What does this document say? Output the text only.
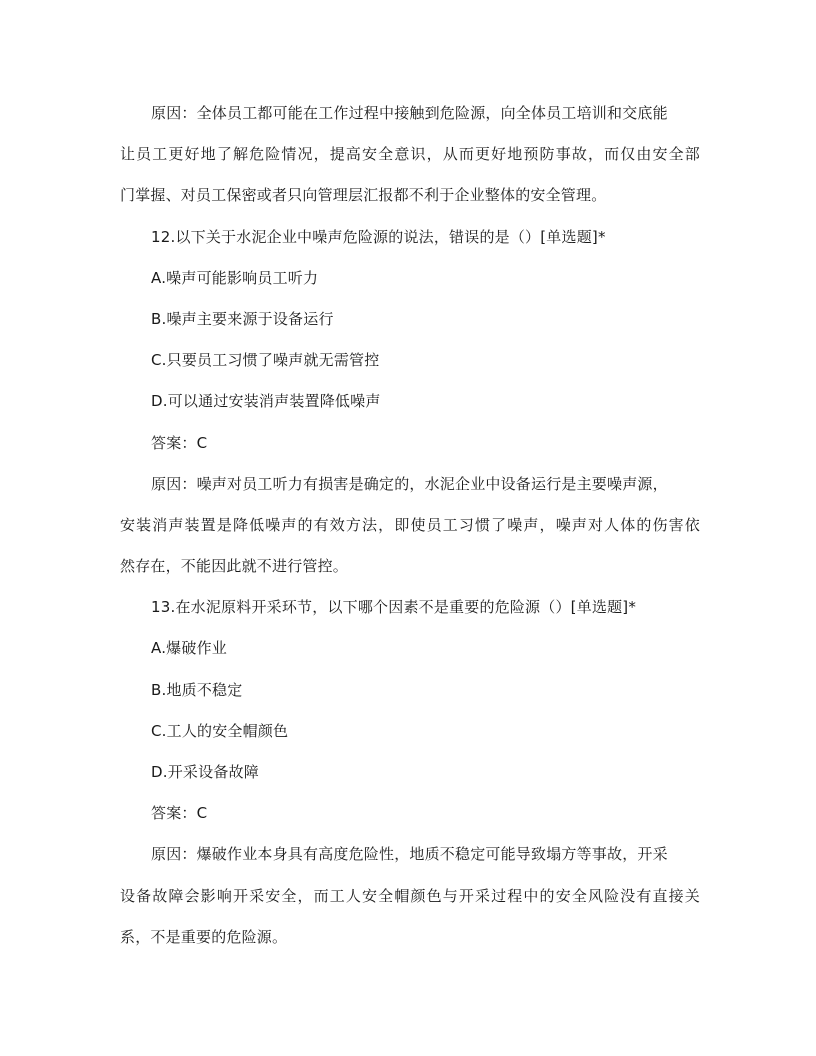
原因：全体员工都可能在工作过程中接触到危险源，向全体员工培训和交底能
让员工更好地了解危险情况，提高安全意识，从而更好地预防事故，而仅由安全部
门掌握、对员工保密或者只向管理层汇报都不利于企业整体的安全管理。
12.以下关于水泥企业中噪声危险源的说法，错误的是（）[单选题]*
A.噪声可能影响员工听力
B.噪声主要来源于设备运行
C.只要员工习惯了噪声就无需管控
D.可以通过安装消声装置降低噪声
答案：C
原因：噪声对员工听力有损害是确定的，水泥企业中设备运行是主要噪声源，
安装消声装置是降低噪声的有效方法，即使员工习惯了噪声，噪声对人体的伤害依
然存在，不能因此就不进行管控。
13.在水泥原料开采环节，以下哪个因素不是重要的危险源（）[单选题]*
A.爆破作业
B.地质不稳定
C.工人的安全帽颜色
D.开采设备故障
答案：C
原因：爆破作业本身具有高度危险性，地质不稳定可能导致塌方等事故，开采
设备故障会影响开采安全，而工人安全帽颜色与开采过程中的安全风险没有直接关
系，不是重要的危险源。
